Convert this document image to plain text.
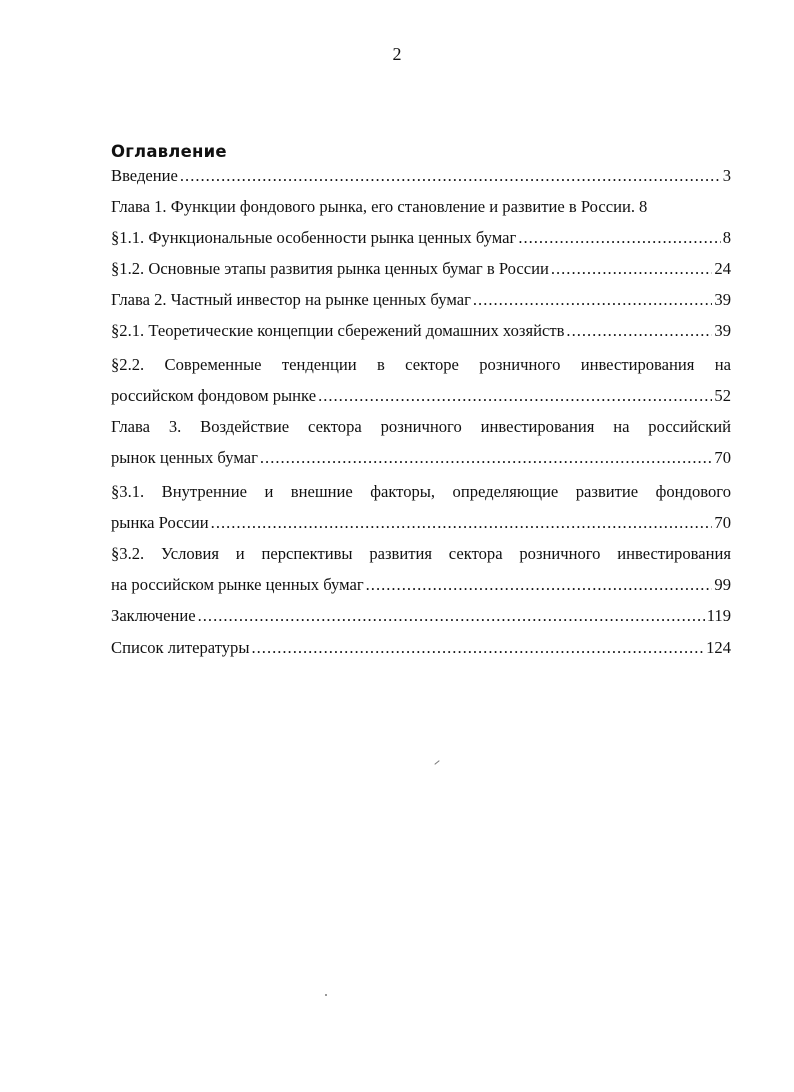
2
Оглавление
Введение .....	3
Глава 1. Функции фондового рынка, его становление и развитие в России. 8
§1.1. Функциональные особенности рынка ценных бумаг .....	8
§1.2. Основные этапы развития рынка ценных бумаг в России .....	24
Глава 2. Частный инвестор на рынке ценных бумаг .....	39
§2.1. Теоретические концепции сбережений домашних хозяйств .....	39
§2.2. Современные тенденции в секторе розничного инвестирования на
российском фондовом рынке .....	52
Глава 3. Воздействие сектора розничного инвестирования на российский
рынок ценных бумаг .....	70
§3.1. Внутренние и внешние факторы, определяющие развитие фондового
рынка России .....	70
§3.2. Условия и перспективы развития сектора розничного инвестирования
на российском рынке ценных бумаг .....	99
Заключение .....	119
Список литературы .....	124
